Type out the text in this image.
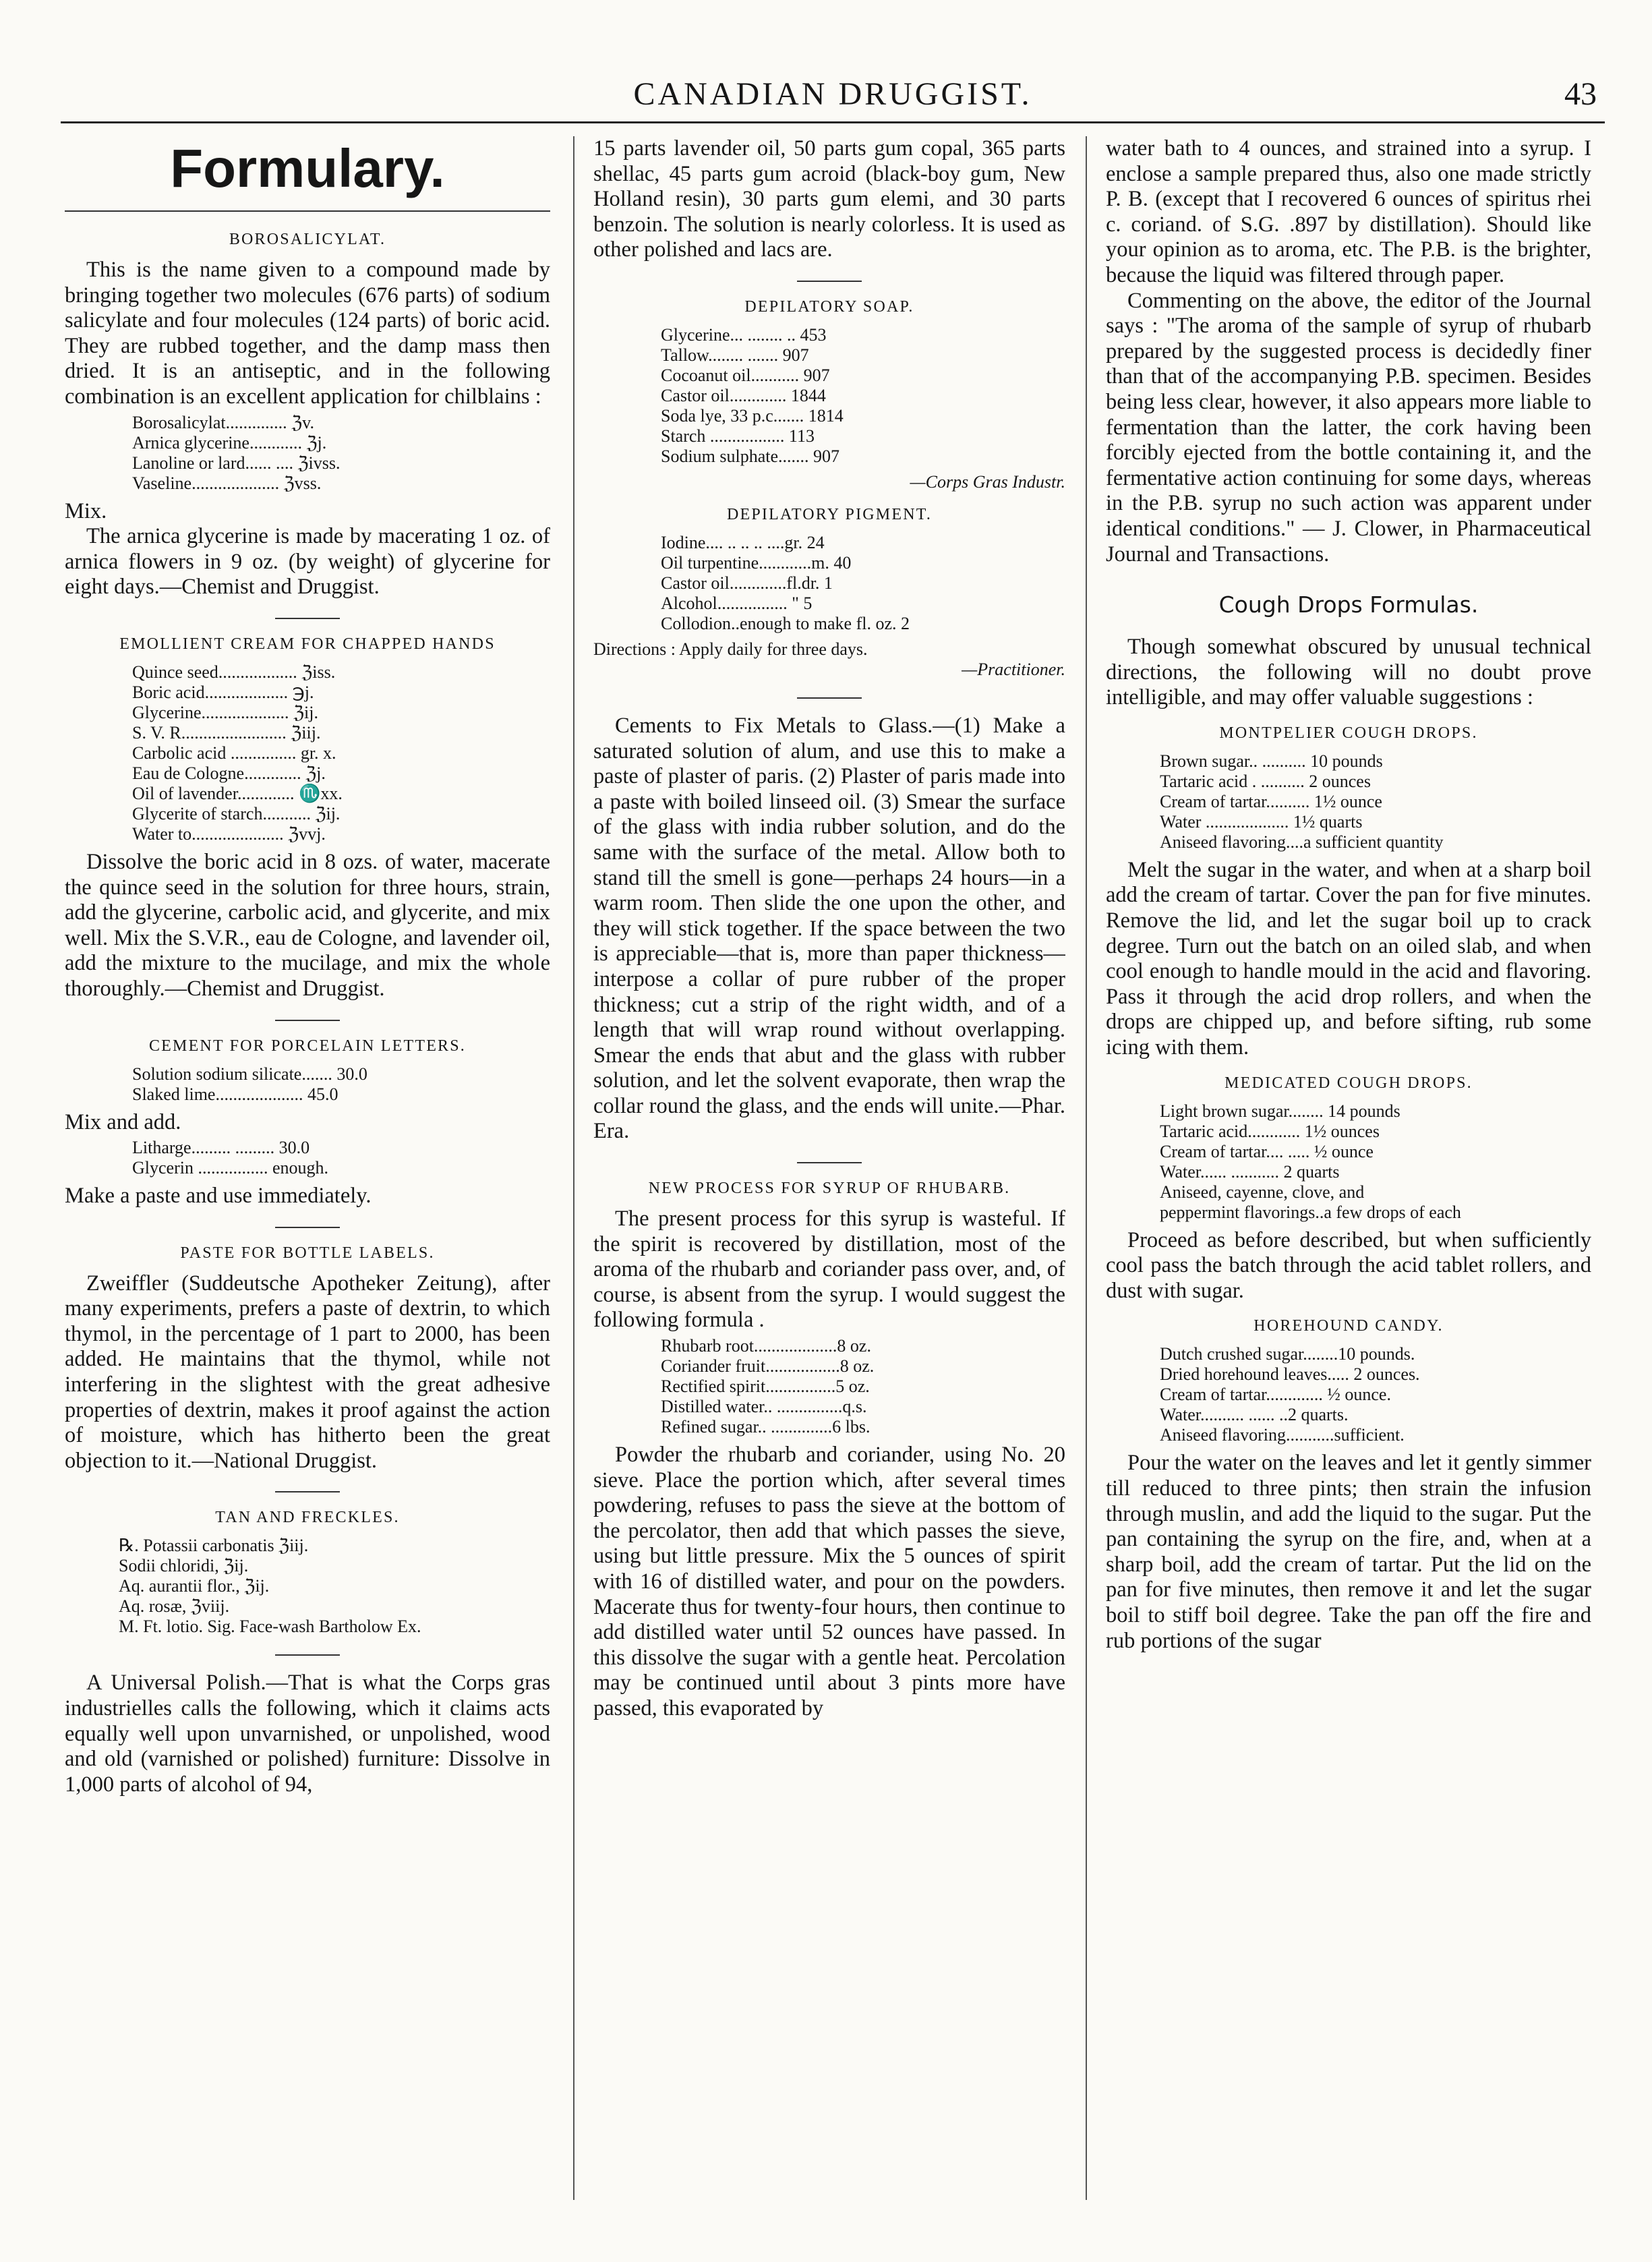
CANADIAN DRUGGIST.	43
Formulary.
BOROSALICYLAT.

This is the name given to a compound made by bringing together two molecules (676 parts) of sodium salicylate and four molecules (124 parts) of boric acid. They are rubbed together, and the damp mass then dried. It is an antiseptic, and in the following combination is an excellent application for chilblains :

Borosalicylat.............. ℨv.
Arnica glycerine............ ℨj.
Lanoline or lard...... .... ℨivss.
Vaseline.................... ℨvss.

Mix.

The arnica glycerine is made by macerating 1 oz. of arnica flowers in 9 oz. (by weight) of glycerine for eight days.—Chemist and Druggist.

EMOLLIENT CREAM FOR CHAPPED HANDS
Quince seed.................. ℨiss.
Boric acid................... ℈j.
Glycerine.................... ℨij.
S. V. R........................ ℨiij.
Carbolic acid ............... gr. x.
Eau de Cologne............. ℨj.
Oil of lavender............. ♏xx.
Glycerite of starch........... ℨij.
Water to..................... ℨvvj.

Dissolve the boric acid in 8 ozs. of water, macerate the quince seed in the solution for three hours, strain, add the glycerine, carbolic acid, and glycerite, and mix well. Mix the S.V.R., eau de Cologne, and lavender oil, add the mixture to the mucilage, and mix the whole thoroughly.—Chemist and Druggist.

CEMENT FOR PORCELAIN LETTERS.
Solution sodium silicate....... 30.0
Slaked lime.................... 45.0

Mix and add.

Litharge......... ......... 30.0
Glycerin ................ enough.

Make a paste and use immediately.

PASTE FOR BOTTLE LABELS.

Zweiffler (Suddeutsche Apotheker Zeitung), after many experiments, prefers a paste of dextrin, to which thymol, in the percentage of 1 part to 2000, has been added. He maintains that the thymol, while not interfering in the slightest with the great adhesive properties of dextrin, makes it proof against the action of moisture, which has hitherto been the great objection to it.—National Druggist.

TAN AND FRECKLES.
℞. Potassii carbonatis ℨiij.
Sodii chloridi, ℨij.
Aq. aurantii flor., ℨij.
Aq. rosæ, ℨviij.
M. Ft. lotio. Sig. Face-wash Bartholow Ex.

A Universal Polish.—That is what the Corps gras industrielles calls the following, which it claims acts equally well upon unvarnished, or unpolished, wood and old (varnished or polished) furniture: Dissolve in 1,000 parts of alcohol of 94,

15 parts lavender oil, 50 parts gum copal, 365 parts shellac, 45 parts gum acroid (black-boy gum, New Holland resin), 30 parts gum elemi, and 30 parts benzoin. The solution is nearly colorless. It is used as other polished and lacs are.

DEPILATORY SOAP.
Glycerine... ........ .. 453
Tallow........ ....... 907
Cocoanut oil........... 907
Castor oil............. 1844
Soda lye, 33 p.c....... 1814
Starch ................. 113
Sodium sulphate....... 907
—Corps Gras Industr.
DEPILATORY PIGMENT.
Iodine.... .. .. .. ....gr. 24
Oil turpentine............m. 40
Castor oil.............fl.dr. 1
Alcohol................ " 5
Collodion..enough to make fl. oz. 2

Directions : Apply daily for three days.

—Practitioner.

Cements to Fix Metals to Glass.—(1) Make a saturated solution of alum, and use this to make a paste of plaster of paris. (2) Plaster of paris made into a paste with boiled linseed oil. (3) Smear the surface of the glass with india rubber solution, and do the same with the surface of the metal. Allow both to stand till the smell is gone—perhaps 24 hours—in a warm room. Then slide the one upon the other, and they will stick together. If the space between the two is appreciable—that is, more than paper thickness—interpose a collar of pure rubber of the proper thickness; cut a strip of the right width, and of a length that will wrap round without overlapping. Smear the ends that abut and the glass with rubber solution, and let the solvent evaporate, then wrap the collar round the glass, and the ends will unite.—Phar. Era.

NEW PROCESS FOR SYRUP OF RHUBARB.

The present process for this syrup is wasteful. If the spirit is recovered by distillation, most of the aroma of the rhubarb and coriander pass over, and, of course, is absent from the syrup. I would suggest the following formula .

Rhubarb root...................8 oz.
Coriander fruit.................8 oz.
Rectified spirit................5 oz.
Distilled water.. ...............q.s.
Refined sugar.. ..............6 lbs.

Powder the rhubarb and coriander, using No. 20 sieve. Place the portion which, after several times powdering, refuses to pass the sieve at the bottom of the percolator, then add that which passes the sieve, using but little pressure. Mix the 5 ounces of spirit with 16 of distilled water, and pour on the powders. Macerate thus for twenty-four hours, then continue to add distilled water until 52 ounces have passed. In this dissolve the sugar with a gentle heat. Percolation may be continued until about 3 pints more have passed, this evaporated by

water bath to 4 ounces, and strained into a syrup. I enclose a sample prepared thus, also one made strictly P. B. (except that I recovered 6 ounces of spiritus rhei c. coriand. of S.G. .897 by distillation). Should like your opinion as to aroma, etc. The P.B. is the brighter, because the liquid was filtered through paper.

Commenting on the above, the editor of the Journal says : "The aroma of the sample of syrup of rhubarb prepared by the suggested process is decidedly finer than that of the accompanying P.B. specimen. Besides being less clear, however, it also appears more liable to fermentation than the latter, the cork having been forcibly ejected from the bottle containing it, and the fermentative action continuing for some days, whereas in the P.B. syrup no such action was apparent under identical conditions." — J. Clower, in Pharmaceutical Journal and Transactions.

Cough Drops Formulas.

Though somewhat obscured by unusual technical directions, the following will no doubt prove intelligible, and may offer valuable suggestions :

MONTPELIER COUGH DROPS.
Brown sugar.. .......... 10 pounds
Tartaric acid . .......... 2 ounces
Cream of tartar.......... 1½ ounce
Water ................... 1½ quarts
Aniseed flavoring....a sufficient quantity

Melt the sugar in the water, and when at a sharp boil add the cream of tartar. Cover the pan for five minutes. Remove the lid, and let the sugar boil up to crack degree. Turn out the batch on an oiled slab, and when cool enough to handle mould in the acid and flavoring. Pass it through the acid drop rollers, and when the drops are chipped up, and before sifting, rub some icing with them.

MEDICATED COUGH DROPS.
Light brown sugar........ 14 pounds
Tartaric acid............ 1½ ounces
Cream of tartar.... ..... ½ ounce
Water...... ........... 2 quarts
Aniseed, cayenne, clove, and
peppermint flavorings..a few drops of each

Proceed as before described, but when sufficiently cool pass the batch through the acid tablet rollers, and dust with sugar.

HOREHOUND CANDY.
Dutch crushed sugar........10 pounds.
Dried horehound leaves..... 2 ounces.
Cream of tartar............. ½ ounce.
Water.......... ...... ..2 quarts.
Aniseed flavoring...........sufficient.

Pour the water on the leaves and let it gently simmer till reduced to three pints; then strain the infusion through muslin, and add the liquid to the sugar. Put the pan containing the syrup on the fire, and, when at a sharp boil, add the cream of tartar. Put the lid on the pan for five minutes, then remove it and let the sugar boil to stiff boil degree. Take the pan off the fire and rub portions of the sugar
